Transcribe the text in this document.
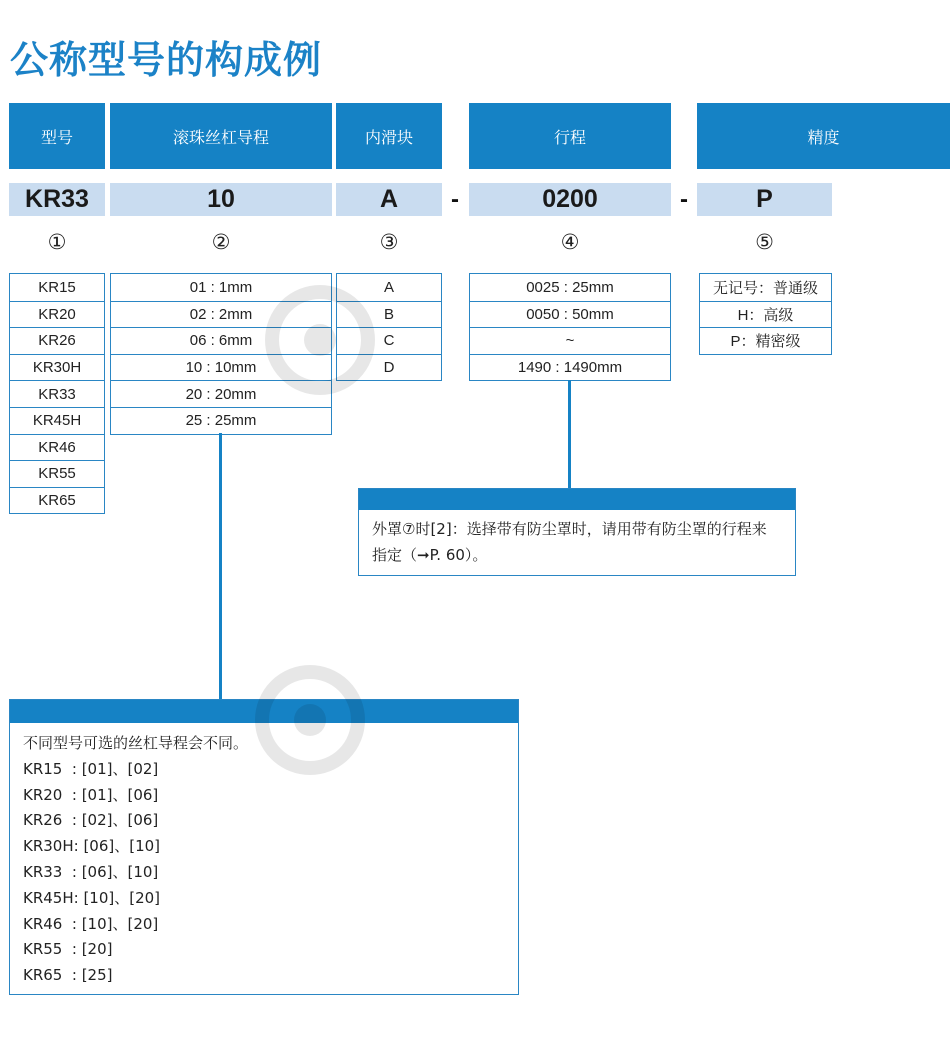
公称型号的构成例
型号	滚珠丝杠导程	内滑块	行程	精度
KR33	10	A	-	0200	-	P
①	②	③	④	⑤
KR15
KR20
KR26
KR30H
KR33
KR45H
KR46
KR55
KR65
01 : 1mm
02 : 2mm
06 : 6mm
10 : 10mm
20 : 20mm
25 : 25mm
A
B
C
D
0025 : 25mm
0050 : 50mm
~
1490 : 1490mm
无记号：普通级
H：高级
P：精密级
外罩⑦时[2]：选择带有防尘罩时，请用带有防尘罩的行程来指定（➞P. 60）。
不同型号可选的丝杠导程会不同。
KR15  : [01]、[02]
KR20  : [01]、[06]
KR26  : [02]、[06]
KR30H: [06]、[10]
KR33  : [06]、[10]
KR45H: [10]、[20]
KR46  : [10]、[20]
KR55  : [20]
KR65  : [25]
